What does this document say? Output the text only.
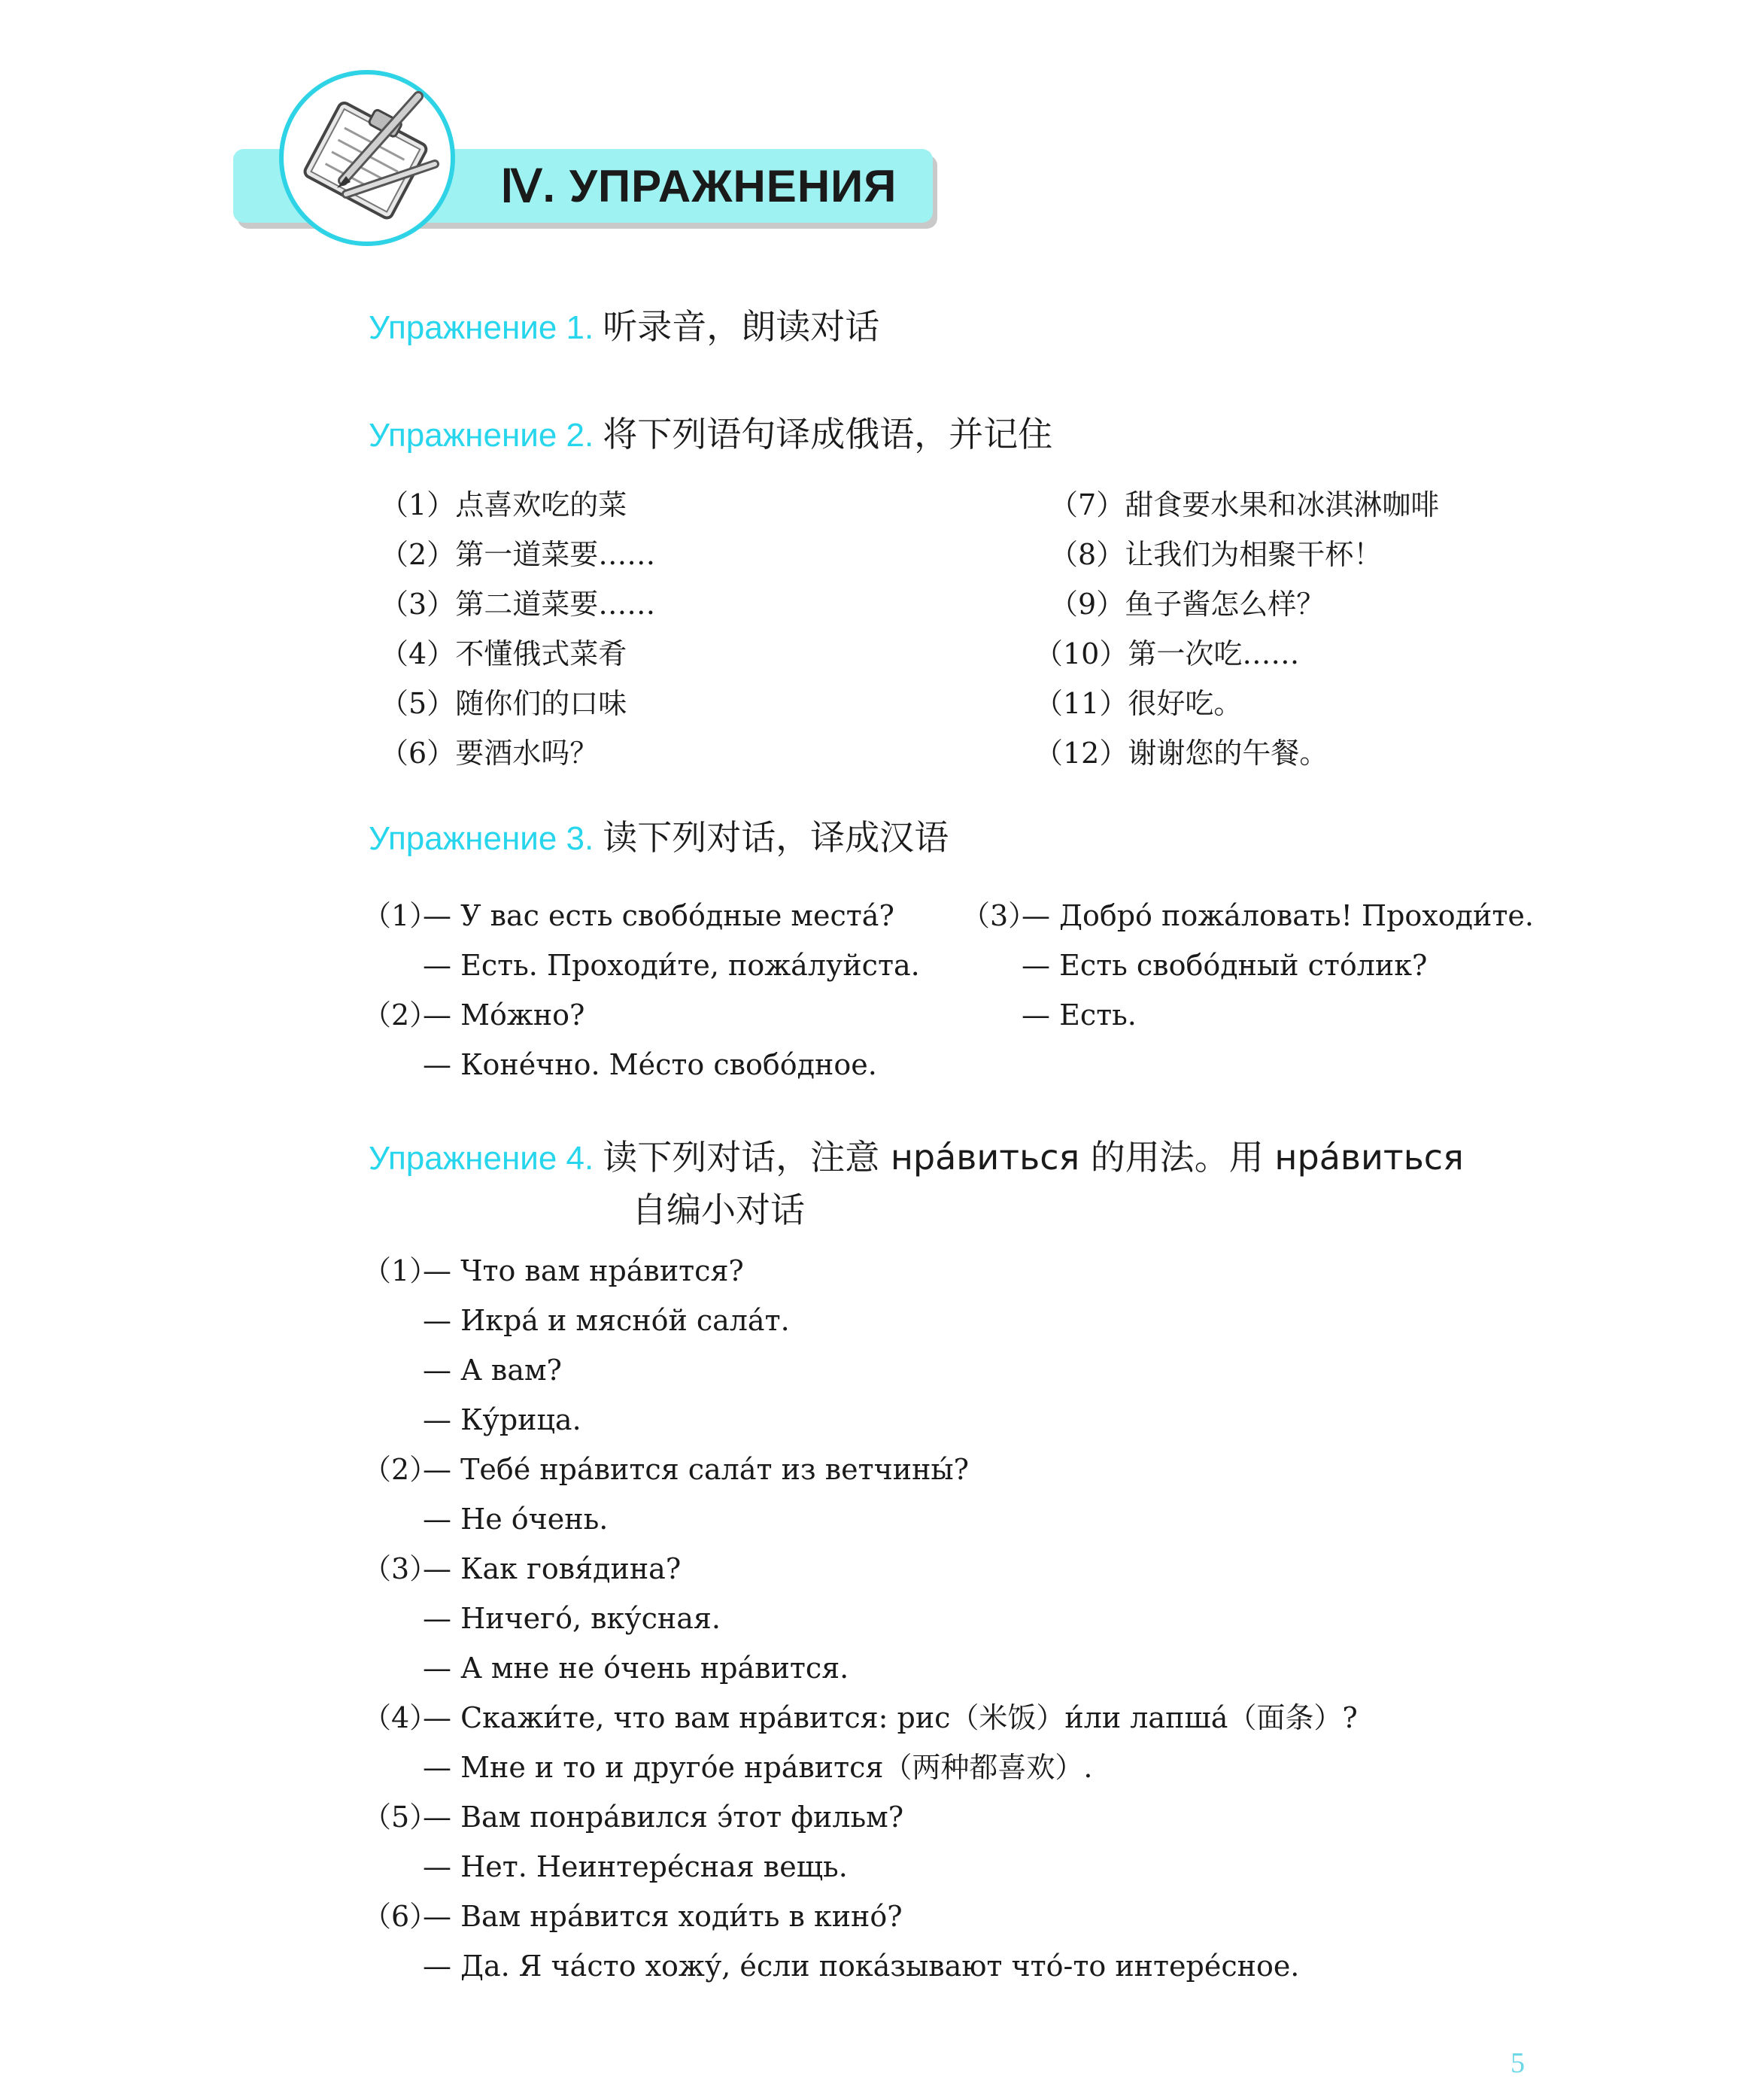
Ⅳ. УПРАЖНЕНИЯ
Упражнение 1. 听录音，朗读对话
Упражнение 2. 将下列语句译成俄语，并记住
（1）点喜欢吃的菜
（2）第一道菜要……
（3）第二道菜要……
（4）不懂俄式菜肴
（5）随你们的口味
（6）要酒水吗？
（7）甜食要水果和冰淇淋咖啡
（8）让我们为相聚干杯！
（9）鱼子酱怎么样？
（10）第一次吃……
（11）很好吃。
（12）谢谢您的午餐。
Упражнение 3. 读下列对话，译成汉语
（1）— У вас есть свобо́дные места́?
— Есть. Проходи́те, пожа́луйста.
（2）— Мо́жно?
— Коне́чно. Ме́сто свобо́дное.
（3）— Добро́ пожа́ловать! Проходи́те.
— Есть свобо́дный сто́лик?
— Есть.
Упражнение 4. 读下列对话，注意 нра́виться 的用法。用 нра́виться
自编小对话
（1）— Что вам нра́вится?
— Икра́ и мясно́й сала́т.
— А вам?
— Ку́рица.
（2）— Тебе́ нра́вится сала́т из ветчины́?
— Не о́чень.
（3）— Как говя́дина?
— Ничего́, вку́сная.
— А мне не о́чень нра́вится.
（4）— Скажи́те, что вам нра́вится: рис（米饭）и́ли лапша́（面条）?
— Мне и то и друго́е нра́вится（两种都喜欢）.
（5）— Вам понра́вился э́тот фильм?
— Нет. Неинтере́сная вещь.
（6）— Вам нра́вится ходи́ть в кино́?
— Да. Я ча́сто хожу́, е́сли пока́зывают что́-то интере́сное.
5
